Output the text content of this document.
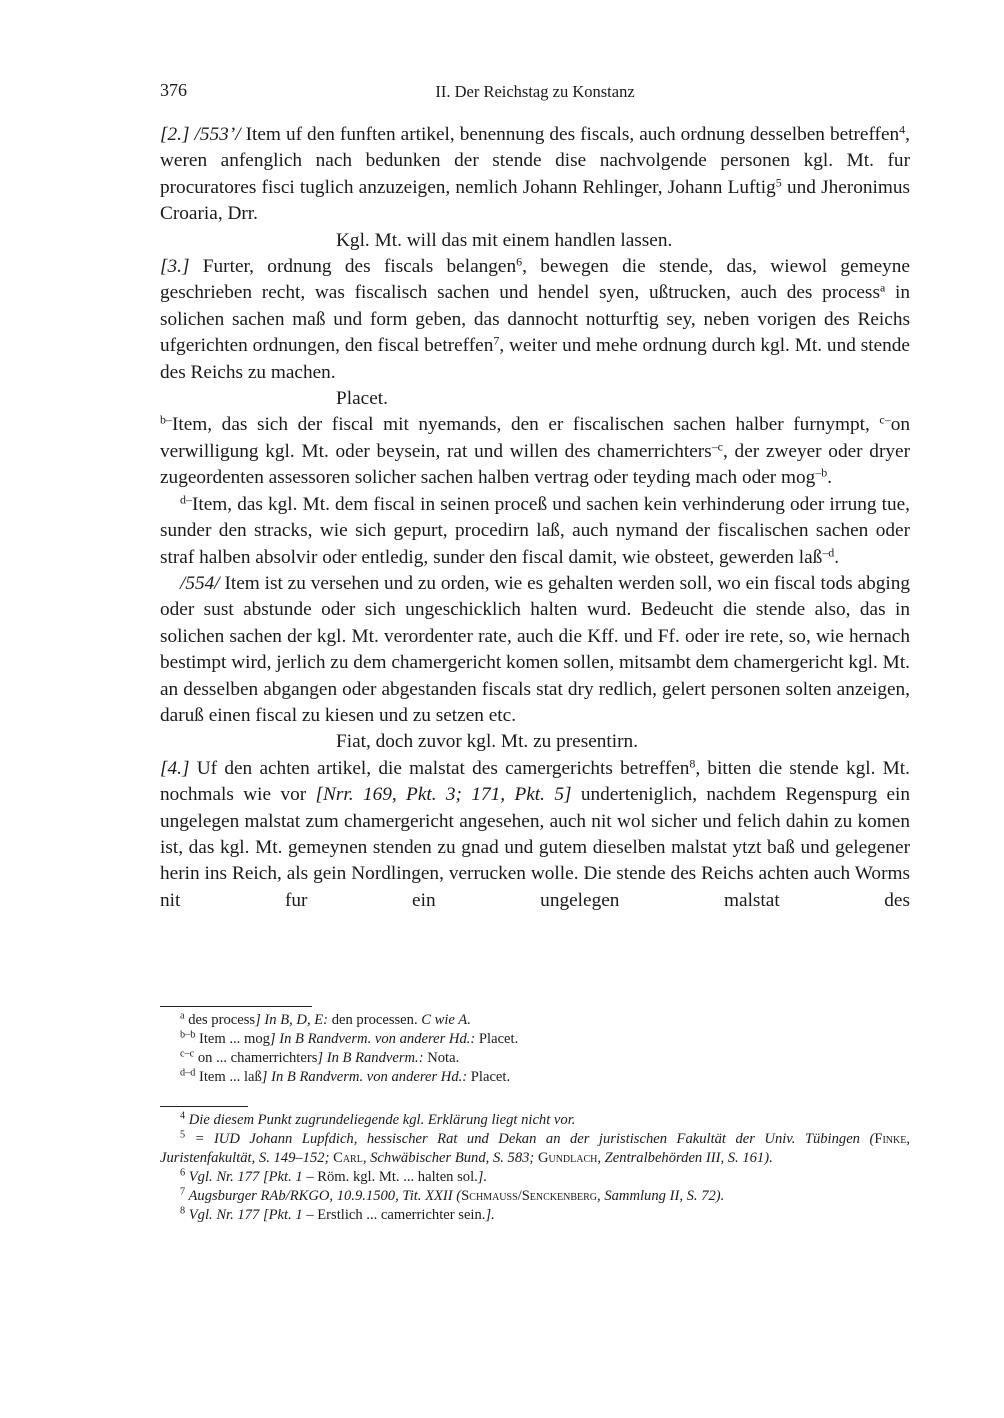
376	II. Der Reichstag zu Konstanz

[2.] /553’/ Item uf den funften artikel, benennung des fiscals, auch ordnung desselben betreffen$^4$, weren anfenglich nach bedunken der stende dise nachvolgende personen kgl. Mt. fur procuratores fisci tuglich anzuzeigen, nemlich Johann Rehlinger, Johann Luftig$^5$ und Jheronimus Croaria, Drr.

Kgl. Mt. will das mit einem handlen lassen.

[3.] Furter, ordnung des fiscals belangen$^6$, bewegen die stende, das, wiewol gemeyne geschrieben recht, was fiscalisch sachen und hendel syen, ußtrucken, auch des process$^a$ in solichen sachen maß und form geben, das dannocht notturftig sey, neben vorigen des Reichs ufgerichten ordnungen, den fiscal betreffen$^7$, weiter und mehe ordnung durch kgl. Mt. und stende des Reichs zu machen.

Placet.

$^{b-}$Item, das sich der fiscal mit nyemands, den er fiscalischen sachen halber furnympt, $^{c-}$on verwilligung kgl. Mt. oder beysein, rat und willen des chamerrichters$^{-c}$, der zweyer oder dryer zugeordenten assessoren solicher sachen halben vertrag oder teyding mach oder mog$^{-b}$.

$^{d-}$Item, das kgl. Mt. dem fiscal in seinen proceß und sachen kein verhinderung oder irrung tue, sunder den stracks, wie sich gepurt, procedirn laß, auch nymand der fiscalischen sachen oder straf halben absolvir oder entledig, sunder den fiscal damit, wie obsteet, gewerden laß$^{-d}$.

/554/ Item ist zu versehen und zu orden, wie es gehalten werden soll, wo ein fiscal tods abging oder sust abstunde oder sich ungeschicklich halten wurd. Bedeucht die stende also, das in solichen sachen der kgl. Mt. verordenter rate, auch die Kff. und Ff. oder ire rete, so, wie hernach bestimpt wird, jerlich zu dem chamergericht komen sollen, mitsambt dem chamergericht kgl. Mt. an desselben abgangen oder abgestanden fiscals stat dry redlich, gelert personen solten anzeigen, daruß einen fiscal zu kiesen und zu setzen etc.

Fiat, doch zuvor kgl. Mt. zu presentirn.

[4.] Uf den achten artikel, die malstat des camergerichts betreffen$^8$, bitten die stende kgl. Mt. nochmals wie vor [Nrr. 169, Pkt. 3; 171, Pkt. 5] underteniglich, nachdem Regenspurg ein ungelegen malstat zum chamergericht angesehen, auch nit wol sicher und felich dahin zu komen ist, das kgl. Mt. gemeynen stenden zu gnad und gutem dieselben malstat ytzt baß und gelegener herin ins Reich, als gein Nordlingen, verrucken wolle. Die stende des Reichs achten auch Worms nit fur ein ungelegen malstat des

$^a$ des process] In B, D, E: den processen. C wie A.

$^{b-b}$ Item ... mog] In B Randverm. von anderer Hd.: Placet.

$^{c-c}$ on ... chamerrichters] In B Randverm.: Nota.

$^{d-d}$ Item ... laß] In B Randverm. von anderer Hd.: Placet.

$^4$ Die diesem Punkt zugrundeliegende kgl. Erklärung liegt nicht vor.

$^5$ = IUD Johann Lupfdich, hessischer Rat und Dekan an der juristischen Fakultät der Univ. Tübingen (Finke, Juristenfakultät, S. 149–152; Carl, Schwäbischer Bund, S. 583; Gundlach, Zentralbehörden III, S. 161).

$^6$ Vgl. Nr. 177 [Pkt. 1 – Röm. kgl. Mt. ... halten sol.].

$^7$ Augsburger RAb/RKGO, 10.9.1500, Tit. XXII (Schmauss/Senckenberg, Sammlung II, S. 72).

$^8$ Vgl. Nr. 177 [Pkt. 1 – Erstlich ... camerrichter sein.].
